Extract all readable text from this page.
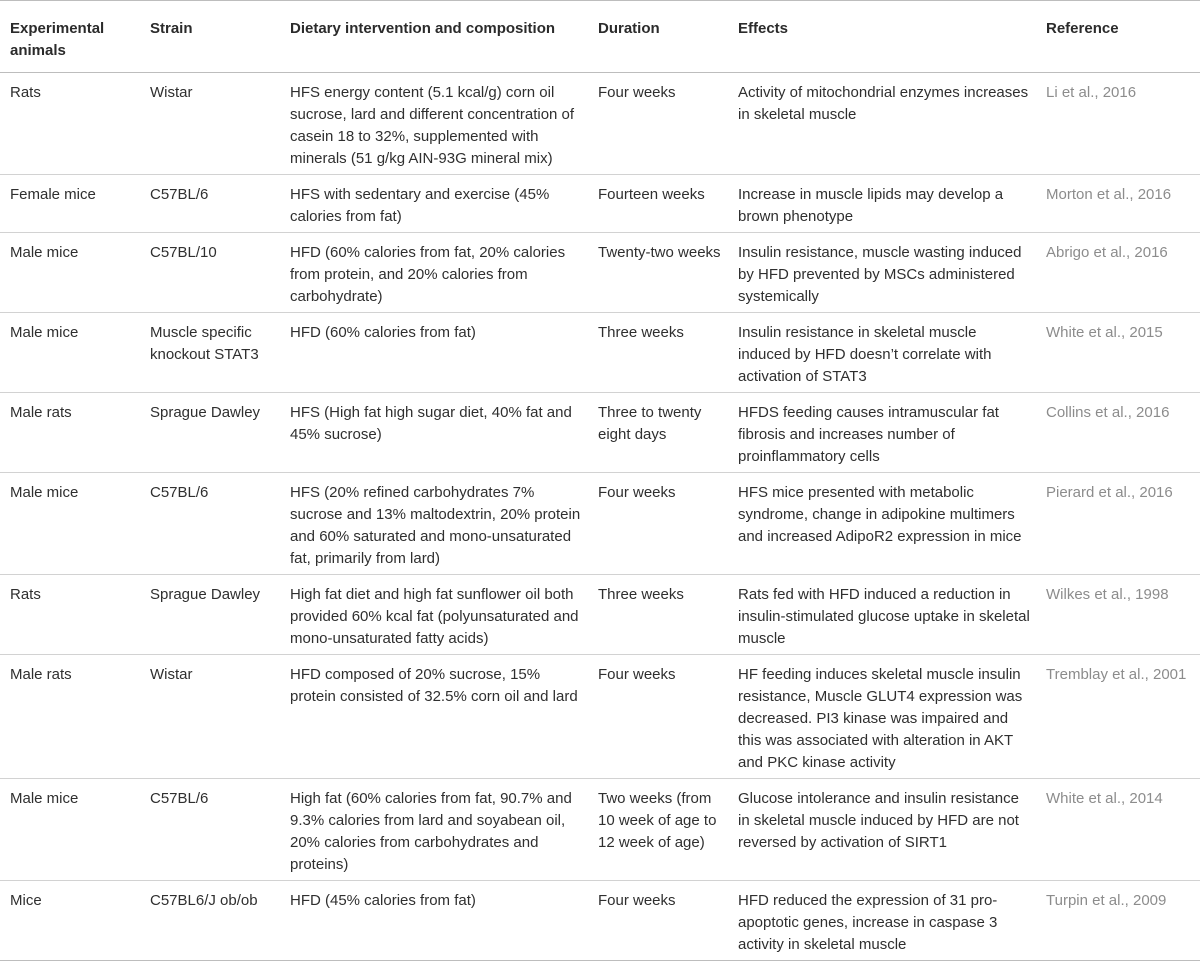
Experimental animals	Strain	Dietary intervention and composition	Duration	Effects	Reference
Rats	Wistar	HFS energy content (5.1 kcal/g) corn oil sucrose, lard and different concentration of casein 18 to 32%, supplemented with minerals (51 g/kg AIN-93G mineral mix)	Four weeks	Activity of mitochondrial enzymes increases in skeletal muscle	Li et al., 2016
Female mice	C57BL/6	HFS with sedentary and exercise (45% calories from fat)	Fourteen weeks	Increase in muscle lipids may develop a brown phenotype	Morton et al., 2016
Male mice	C57BL/10	HFD (60% calories from fat, 20% calories from protein, and 20% calories from carbohydrate)	Twenty-two weeks	Insulin resistance, muscle wasting induced by HFD prevented by MSCs administered systemically	Abrigo et al., 2016
Male mice	Muscle specific knockout STAT3	HFD (60% calories from fat)	Three weeks	Insulin resistance in skeletal muscle induced by HFD doesn’t correlate with activation of STAT3	White et al., 2015
Male rats	Sprague Dawley	HFS (High fat high sugar diet, 40% fat and 45% sucrose)	Three to twenty eight days	HFDS feeding causes intramuscular fat fibrosis and increases number of proinflammatory cells	Collins et al., 2016
Male mice	C57BL/6	HFS (20% refined carbohydrates 7% sucrose and 13% maltodextrin, 20% protein and 60% saturated and mono-unsaturated fat, primarily from lard)	Four weeks	HFS mice presented with metabolic syndrome, change in adipokine multimers and increased AdipoR2 expression in mice	Pierard et al., 2016
Rats	Sprague Dawley	High fat diet and high fat sunflower oil both provided 60% kcal fat (polyunsaturated and mono-unsaturated fatty acids)	Three weeks	Rats fed with HFD induced a reduction in insulin-stimulated glucose uptake in skeletal muscle	Wilkes et al., 1998
Male rats	Wistar	HFD composed of 20% sucrose, 15% protein consisted of 32.5% corn oil and lard	Four weeks	HF feeding induces skeletal muscle insulin resistance, Muscle GLUT4 expression was decreased. PI3 kinase was impaired and this was associated with alteration in AKT and PKC kinase activity	Tremblay et al., 2001
Male mice	C57BL/6	High fat (60% calories from fat, 90.7% and 9.3% calories from lard and soyabean oil, 20% calories from carbohydrates and proteins)	Two weeks (from 10 week of age to 12 week of age)	Glucose intolerance and insulin resistance in skeletal muscle induced by HFD are not reversed by activation of SIRT1	White et al., 2014
Mice	C57BL6/J ob/ob	HFD (45% calories from fat)	Four weeks	HFD reduced the expression of 31 pro-apoptotic genes, increase in caspase 3 activity in skeletal muscle	Turpin et al., 2009
